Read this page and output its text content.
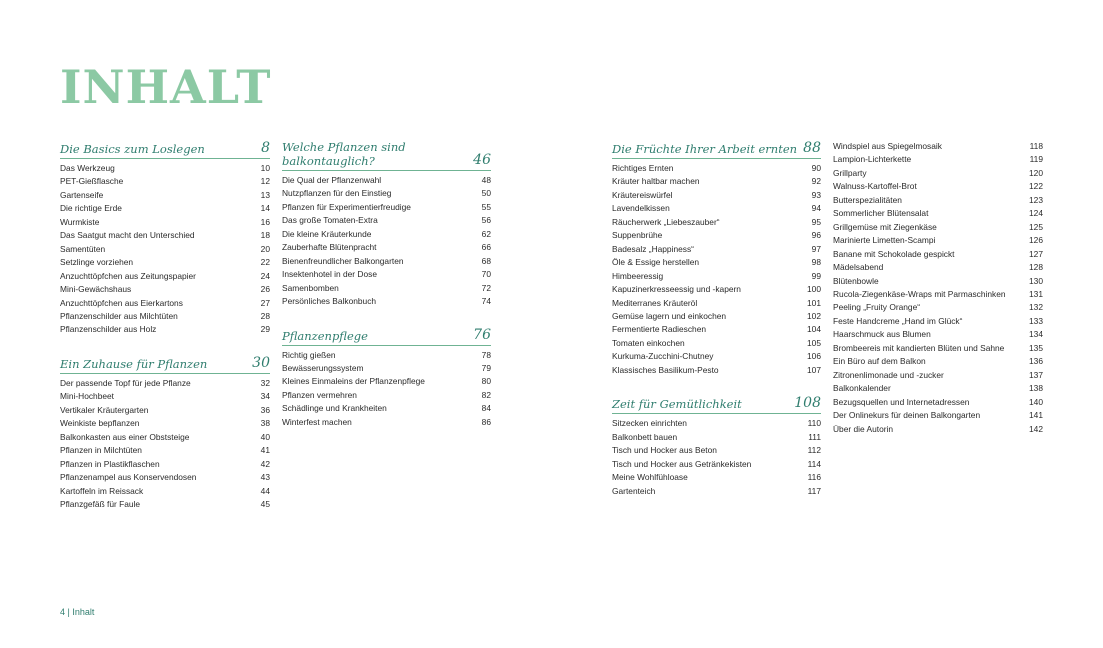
INHALT
Die Basics zum Loslegen	8
Das Werkzeug	10
PET-Gießflasche	12
Gartenseife	13
Die richtige Erde	14
Wurmkiste	16
Das Saatgut macht den Unterschied	18
Samentüten	20
Setzlinge vorziehen	22
Anzuchttöpfchen aus Zeitungspapier	24
Mini-Gewächshaus	26
Anzuchttöpfchen aus Eierkartons	27
Pflanzenschilder aus Milchtüten	28
Pflanzenschilder aus Holz	29
Ein Zuhause für Pflanzen	30
Der passende Topf für jede Pflanze	32
Mini-Hochbeet	34
Vertikaler Kräutergarten	36
Weinkiste bepflanzen	38
Balkonkasten aus einer Obststeige	40
Pflanzen in Milchtüten	41
Pflanzen in Plastikflaschen	42
Pflanzenampel aus Konservendosen	43
Kartoffeln im Reissack	44
Pflanzgefäß für Faule	45
Welche Pflanzen sind balkontauglich?	46
Die Qual der Pflanzenwahl	48
Nutzpflanzen für den Einstieg	50
Pflanzen für Experimentierfreudige	55
Das große Tomaten-Extra	56
Die kleine Kräuterkunde	62
Zauberhafte Blütenpracht	66
Bienenfreundlicher Balkongarten	68
Insektenhotel in der Dose	70
Samenbomben	72
Persönliches Balkonbuch	74
Pflanzenpflege	76
Richtig gießen	78
Bewässerungssystem	79
Kleines Einmaleins der Pflanzenpflege	80
Pflanzen vermehren	82
Schädlinge und Krankheiten	84
Winterfest machen	86
Die Früchte Ihrer Arbeit ernten 88
Richtiges Ernten	90
Kräuter haltbar machen	92
Kräutereiswürfel	93
Lavendelkissen	94
Räucherwerk „Liebeszauber“	95
Suppenbrühe	96
Badesalz „Happiness“	97
Öle & Essige herstellen	98
Himbeeressig	99
Kapuzinerkresseessig und -kapern	100
Mediterranes Kräuteröl	101
Gemüse lagern und einkochen	102
Fermentierte Radieschen	104
Tomaten einkochen	105
Kurkuma-Zucchini-Chutney	106
Klassisches Basilikum-Pesto	107
Zeit für Gemütlichkeit	108
Sitzecken einrichten	110
Balkonbett bauen	111
Tisch und Hocker aus Beton	112
Tisch und Hocker aus Getränkekisten	114
Meine Wohlfühloase	116
Gartenteich	117
Windspiel aus Spiegelmosaik	118
Lampion-Lichterkette	119
Grillparty	120
Walnuss-Kartoffel-Brot	122
Butterspezialitäten	123
Sommerlicher Blütensalat	124
Grillgemüse mit Ziegenkäse	125
Marinierte Limetten-Scampi	126
Banane mit Schokolade gespickt	127
Mädelsabend	128
Blütenbowle	130
Rucola-Ziegenkäse-Wraps mit Parmaschinken	131
Peeling „Fruity Orange“	132
Feste Handcreme „Hand im Glück“	133
Haarschmuck aus Blumen	134
Brombeereis mit kandierten Blüten und Sahne	135
Ein Büro auf dem Balkon	136
Zitronenlimonade und -zucker	137
Balkonkalender	138
Bezugsquellen und Internetadressen	140
Der Onlinekurs für deinen Balkongarten	141
Über die Autorin	142
4 | Inhalt
